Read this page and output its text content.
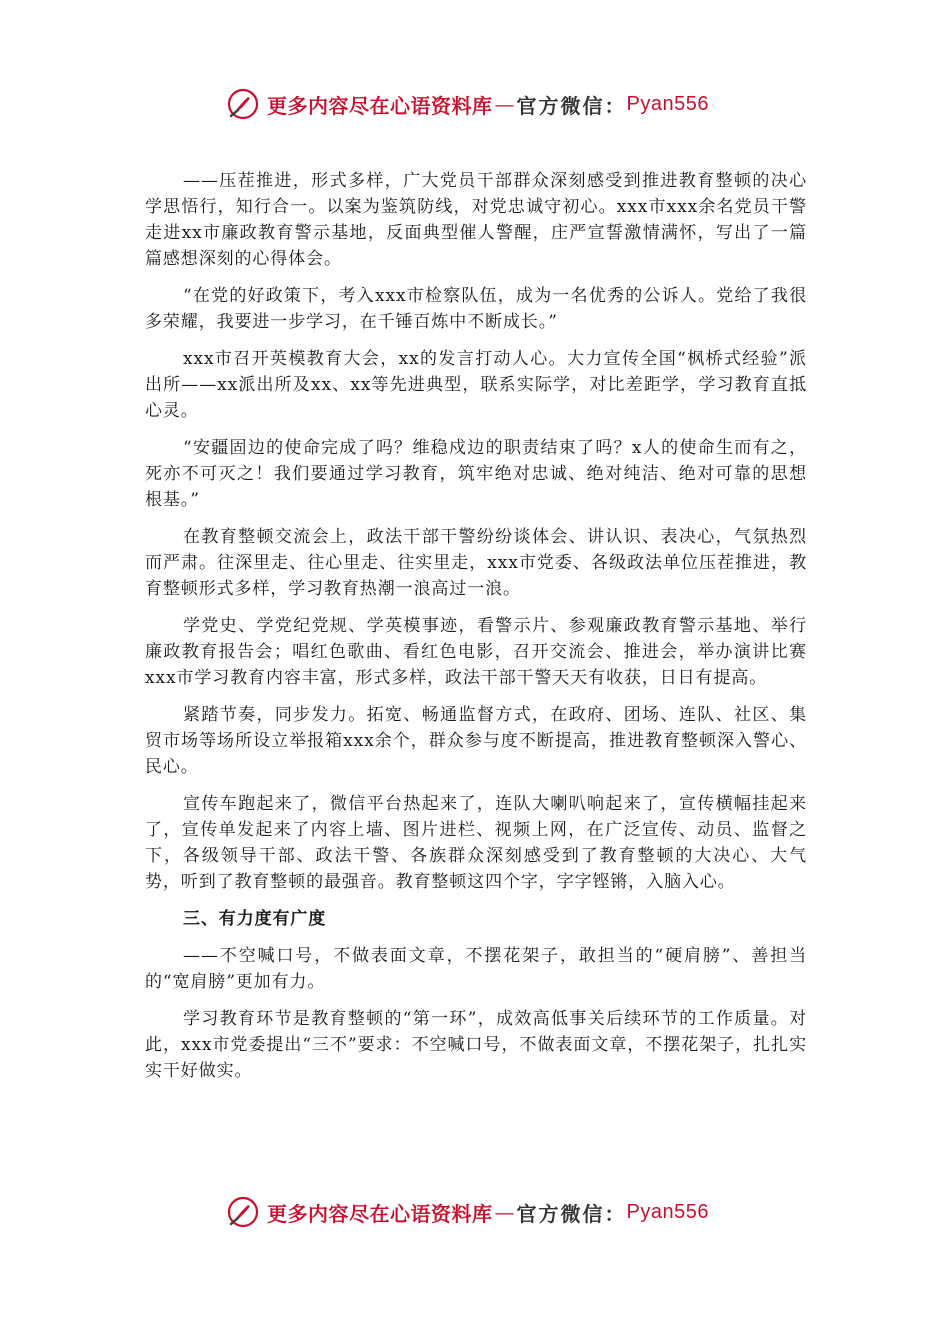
更多内容尽在心语资料库 — 官方微信： Pyan556

——压茬推进，形式多样，广大党员干部群众深刻感受到推进教育整顿的决心学思悟行，知行合一。以案为鉴筑防线，对党忠诚守初心。xxx市xxx余名党员干警走进xx市廉政教育警示基地，反面典型催人警醒，庄严宣誓激情满怀，写出了一篇篇感想深刻的心得体会。

“在党的好政策下，考入xxx市检察队伍，成为一名优秀的公诉人。党给了我很多荣耀，我要进一步学习，在千锤百炼中不断成长。”

xxx市召开英模教育大会，xx的发言打动人心。大力宣传全国“枫桥式经验”派出所——xx派出所及xx、xx等先进典型，联系实际学，对比差距学，学习教育直抵心灵。

“安疆固边的使命完成了吗？维稳戍边的职责结束了吗？x人的使命生而有之，死亦不可灭之！我们要通过学习教育，筑牢绝对忠诚、绝对纯洁、绝对可靠的思想根基。”

在教育整顿交流会上，政法干部干警纷纷谈体会、讲认识、表决心，气氛热烈而严肃。往深里走、往心里走、往实里走，xxx市党委、各级政法单位压茬推进，教育整顿形式多样，学习教育热潮一浪高过一浪。

学党史、学党纪党规、学英模事迹，看警示片、参观廉政教育警示基地、举行廉政教育报告会；唱红色歌曲、看红色电影，召开交流会、推进会，举办演讲比赛xxx市学习教育内容丰富，形式多样，政法干部干警天天有收获，日日有提高。

紧踏节奏，同步发力。拓宽、畅通监督方式，在政府、团场、连队、社区、集贸市场等场所设立举报箱xxx余个，群众参与度不断提高，推进教育整顿深入警心、民心。

宣传车跑起来了，微信平台热起来了，连队大喇叭响起来了，宣传横幅挂起来了，宣传单发起来了内容上墙、图片进栏、视频上网，在广泛宣传、动员、监督之下，各级领导干部、政法干警、各族群众深刻感受到了教育整顿的大决心、大气势，听到了教育整顿的最强音。教育整顿这四个字，字字铿锵，入脑入心。

三、有力度有广度

——不空喊口号，不做表面文章，不摆花架子，敢担当的“硬肩膀”、善担当的“宽肩膀”更加有力。

学习教育环节是教育整顿的“第一环”，成效高低事关后续环节的工作质量。对此，xxx市党委提出“三不”要求：不空喊口号，不做表面文章，不摆花架子，扎扎实实干好做实。

更多内容尽在心语资料库 — 官方微信： Pyan556
